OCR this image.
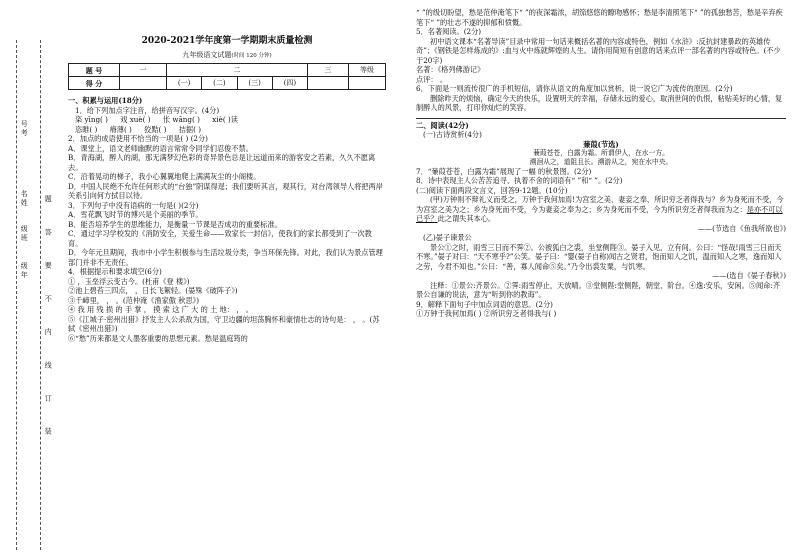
号考
名姓
级班
级年 题 答 要 不 内 线 订 装

2020-2021学年度第一学期期末质量检测

九年级语文试题(时间 120 分钟)

题 号	一	二				三	等级
得 分		(一)	(二)	(三)	(四)		

一、积累与运用(18分)

1．给下列加点字注音，给拼音写汉字。(4分)

栥 yīng( ) 戏 xuè( ) 伥 wāng( ) xiè( )读

恣睢( ) 瘠薄( ) 狡黠( ) 拮据( )

2．加点的成语使用不恰当的一项是( ) (2分)

A．课堂上，语文老师幽默的语言常常令同学们忍俊不禁。

B．青海湖，醉人的湖，那无满梦幻色彩的奇异景色总是让远道而来的游客安之若素，久久不愿离去。

C．沿着晃动的梯子，我小心翼翼地爬上满满灰尘的小阁楼。

D．中国人民绝不允许任何形式的“台独”阴谋得逞；我们要听其言，观其行，对台湾领导人将把两岸关系引向何方拭目以待。

3．下列句子中没有语病的一句是( )(2分)

A．雪花飘飞时节的博兴是个美丽的季节。

B．能否培养学生的思维能力，是衡量一节课是否成功的重要标准。

C．通过学习学校发的《消防安全，关爱生命——致家长一封信》，使我们的家长都受到了一次教育。

D．今年元旦期间，我市中小学生积极参与生活垃圾分类，争当环保先锋。对此，我们认为景点管理部门并非不无责任。

4．根据提示和要求填空(6分)

① ，玉垒浮云变古今。(杜甫《登 楼》)

②池上碧苔三四点， ，日长飞絮轻。(晏殊《破阵子》)

③千嶂里， ， 。(范仲淹《渔家傲 秋思》)

④ 我 用 残 损 的 手 掌 ， 摸 索 这 广 大 的 土 地： ， 。

⑤《江城子·密州出猎》抒发主人公杀敌为国，守卫边疆的坦荡胸怀和豪情壮志的诗句是： ， 。(苏轼《密州出猎》)

⑥“愁”历来都是文人墨客重要的思想元素。愁是温庭筠的

“ ”的级切盼望，愁是范仲淹笔下“ ”的夜深霜浓，胡笳悠悠的瞭吻感怀；愁是李清照笔下“ ”的孤独愁苦，愁是辛弃疾笔下“ ”的壮志不遂的抑郁和愤慨。

5．名著阅读。(2分)

初中语文课本“名著导读”目录中常用一句话来概括名著的内容或特色，例如《水浒》:反抗封建暴政的英雄传奇”；《钢铁是怎样炼成的》:血与火中炼就辉煌的人生。请你用简短有创意的话来点评一部名著的内容或特色。(不少于20字)

名著：《格列佛游记》

点评： 。

6．下面是一则流传很广的手机短信，请你从语文的角度加以赏析，说一说它广为流传的原因。(2分)

删除昨天的烦恼，确定今天的快乐，设置明天的幸福，存储永远的爱心，取消世间的仇恨，粘贴美好的心情，复制醉人的风景，打印你灿烂的笑容。

二、阅读(42分)

(一)古诗赏析(4分)

蒹葭(节选)

蒹葭苍苍，白露为霜。所谓伊人，在水一方。

溯洄从之，道阻且长。溯游从之，宛在水中央。

7．“蒹葭苍苍，白露为霜”展现了一幅 的秋景图。(2分)

8．诗中表现主人公苦苦追寻、执着不舍的词语有“ ”和“ ”。(2分)

(二)阅读下面两段文言文，回答9-12题。(10分)

(甲)万钟则不辩礼义而受之，万钟于我何加焉!为宫室之美、妻妾之奉、所识穷乏者得我与？乡为身死而不受，今为宫室之美为之；乡为身死而不受，今为妻妾之奉为之；乡为身死而不受，今为所识穷乏者得我而为之：是亦不可以已乎？此之谓失其本心。

——(节选自《鱼我所欲也》)

(乙)晏子谏景公

景公①之时，雨雪三日而不霁②。公被狐白之裘，坐堂侧陛③。晏子入见，立有间。公曰：“怪哉!雨雪三日而天不寒。”晏子对曰：“天不寒乎?”公笑。晏子曰：“婴(晏子自称)闻古之贤君，饱而知人之饥，温而知人之寒，逸而知人之劳，今君不知也。”公曰：“善，寡人闻命⑤矣。”乃令出裘发粟，与饥寒。

——(选自《晏子春秋》)

注释：①景公:齐景公。②霁:雨雪停止，天放晴。③堂侧陛:堂侧陛，朝堂、阶台。④逸:安乐，安闲。⑤闻命:齐景公自谦的说法，意为“听到你的教诲”。

9．解释下面句子中加点词语的意思。(2分)

①万钟于我何加焉( ) ②所识穷乏者得我与( )
